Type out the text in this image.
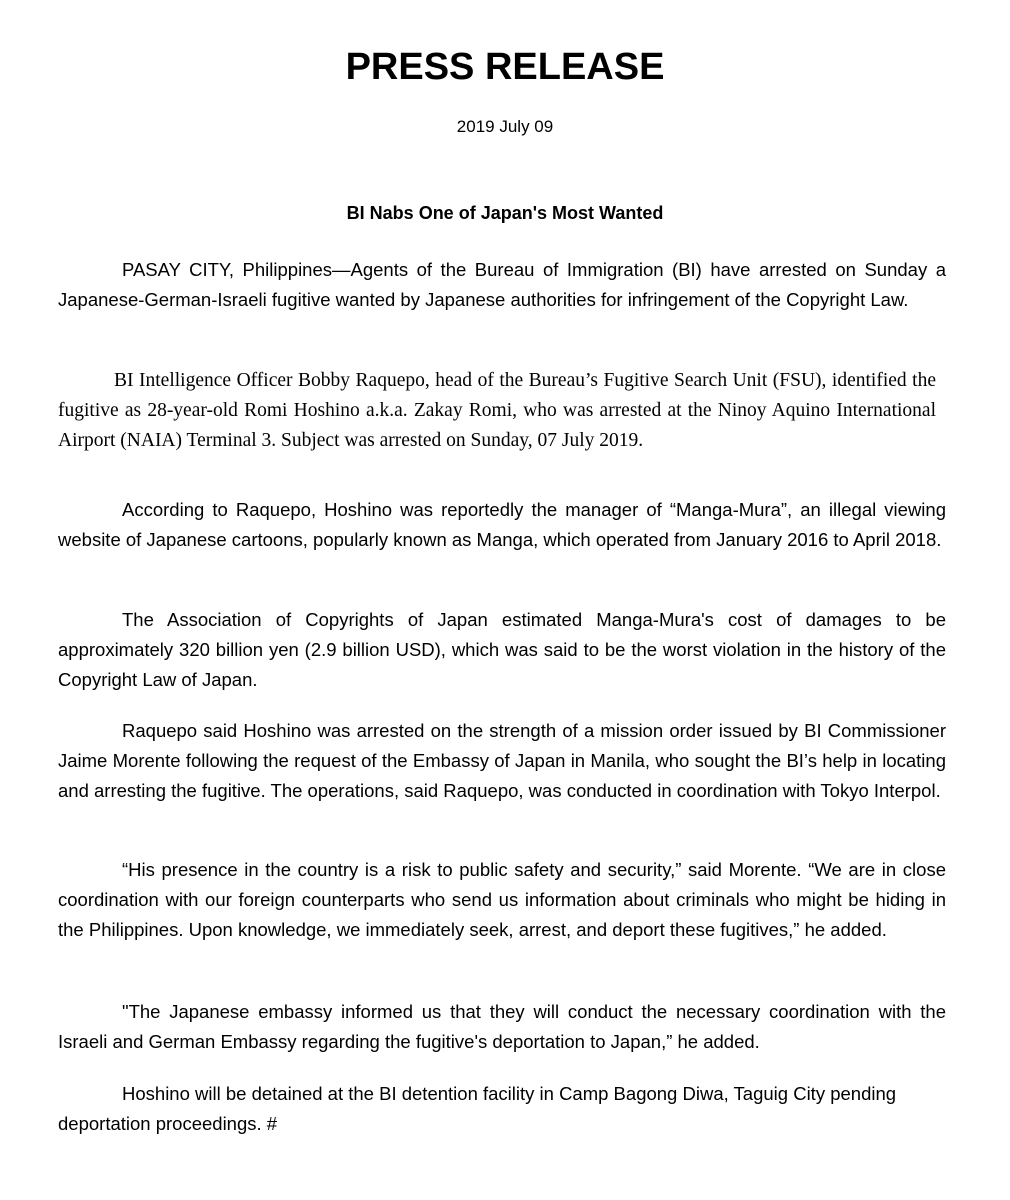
PRESS RELEASE
2019 July 09
BI Nabs One of Japan's Most Wanted

PASAY CITY, Philippines—Agents of the Bureau of Immigration (BI) have arrested on Sunday a Japanese-German-Israeli fugitive wanted by Japanese authorities for infringement of the Copyright Law.

BI Intelligence Officer Bobby Raquepo, head of the Bureau’s Fugitive Search Unit (FSU), identified the fugitive as 28-year-old Romi Hoshino a.k.a. Zakay Romi, who was arrested at the Ninoy Aquino International Airport (NAIA) Terminal 3. Subject was arrested on Sunday, 07 July 2019.

According to Raquepo, Hoshino was reportedly the manager of “Manga-Mura”, an illegal viewing website of Japanese cartoons, popularly known as Manga, which operated from January 2016 to April 2018.

The Association of Copyrights of Japan estimated Manga-Mura's cost of damages to be approximately 320 billion yen (2.9 billion USD), which was said to be the worst violation in the history of the Copyright Law of Japan.

Raquepo said Hoshino was arrested on the strength of a mission order issued by BI Commissioner Jaime Morente following the request of the Embassy of Japan in Manila, who sought the BI’s help in locating and arresting the fugitive. The operations, said Raquepo, was conducted in coordination with Tokyo Interpol.

“His presence in the country is a risk to public safety and security,” said Morente. “We are in close coordination with our foreign counterparts who send us information about criminals who might be hiding in the Philippines. Upon knowledge, we immediately seek, arrest, and deport these fugitives,” he added.

"The Japanese embassy informed us that they will conduct the necessary coordination with the Israeli and German Embassy regarding the fugitive's deportation to Japan,” he added.

Hoshino will be detained at the BI detention facility in Camp Bagong Diwa, Taguig City pending deportation proceedings. #
